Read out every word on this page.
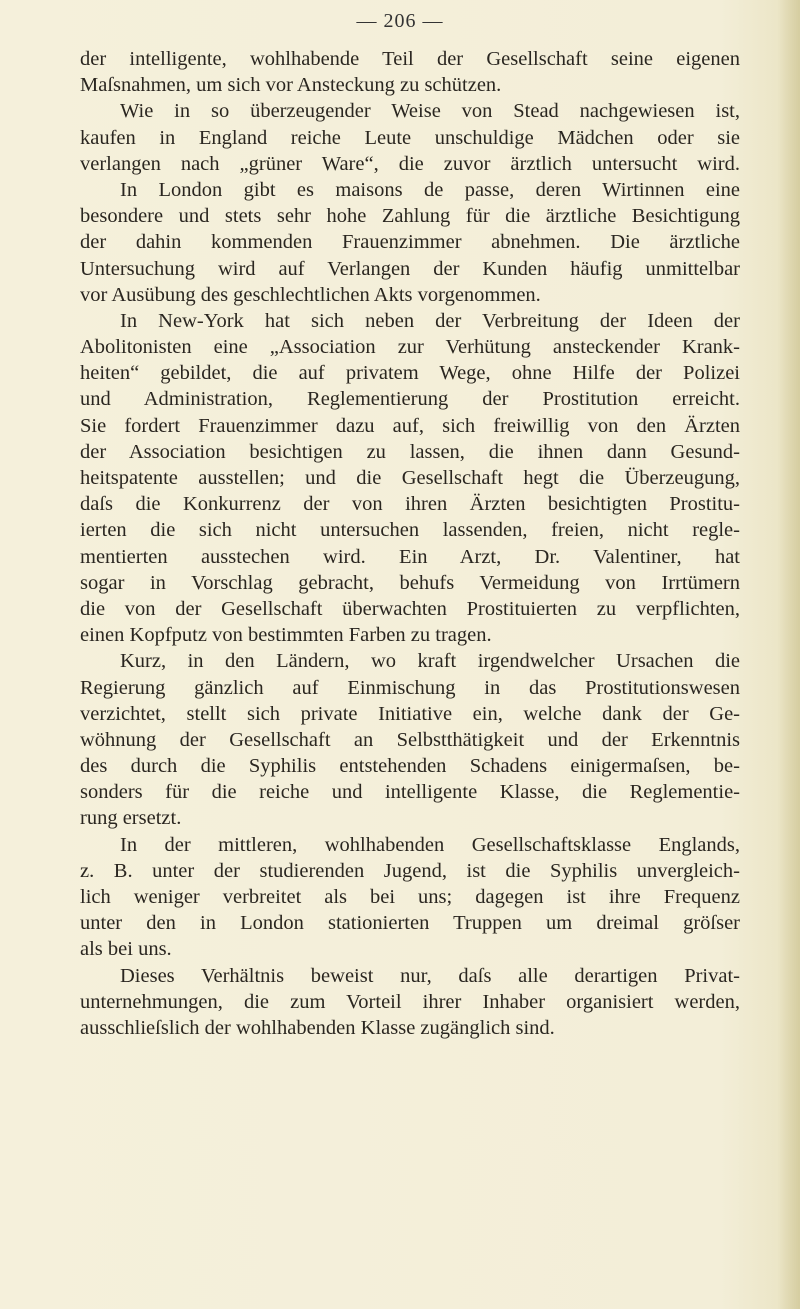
— 206 —
der intelligente, wohlhabende Teil der Gesellschaft seine eigenen
Maſsnahmen, um sich vor Ansteckung zu schützen.
Wie in so überzeugender Weise von Stead nachgewiesen ist,
kaufen in England reiche Leute unschuldige Mädchen oder sie
verlangen nach „grüner Ware“, die zuvor ärztlich untersucht wird.
In London gibt es maisons de passe, deren Wirtinnen eine
besondere und stets sehr hohe Zahlung für die ärztliche Besichtigung
der dahin kommenden Frauenzimmer abnehmen. Die ärztliche
Untersuchung wird auf Verlangen der Kunden häufig unmittelbar
vor Ausübung des geschlechtlichen Akts vorgenommen.
In New-York hat sich neben der Verbreitung der Ideen der
Abolitonisten eine „Association zur Verhütung ansteckender Krank-
heiten“ gebildet, die auf privatem Wege, ohne Hilfe der Polizei
und Administration, Reglementierung der Prostitution erreicht.
Sie fordert Frauenzimmer dazu auf, sich freiwillig von den Ärzten
der Association besichtigen zu lassen, die ihnen dann Gesund-
heitspatente ausstellen; und die Gesellschaft hegt die Überzeugung,
daſs die Konkurrenz der von ihren Ärzten besichtigten Prostitu-
ierten die sich nicht untersuchen lassenden, freien, nicht regle-
mentierten ausstechen wird. Ein Arzt, Dr. Valentiner, hat
sogar in Vorschlag gebracht, behufs Vermeidung von Irrtümern
die von der Gesellschaft überwachten Prostituierten zu verpflichten,
einen Kopfputz von bestimmten Farben zu tragen.
Kurz, in den Ländern, wo kraft irgendwelcher Ursachen die
Regierung gänzlich auf Einmischung in das Prostitutionswesen
verzichtet, stellt sich private Initiative ein, welche dank der Ge-
wöhnung der Gesellschaft an Selbstthätigkeit und der Erkenntnis
des durch die Syphilis entstehenden Schadens einigermaſsen, be-
sonders für die reiche und intelligente Klasse, die Reglementie-
rung ersetzt.
In der mittleren, wohlhabenden Gesellschaftsklasse Englands,
z. B. unter der studierenden Jugend, ist die Syphilis unvergleich-
lich weniger verbreitet als bei uns; dagegen ist ihre Frequenz
unter den in London stationierten Truppen um dreimal gröſser
als bei uns.
Dieses Verhältnis beweist nur, daſs alle derartigen Privat-
unternehmungen, die zum Vorteil ihrer Inhaber organisiert werden,
ausschlieſslich der wohlhabenden Klasse zugänglich sind.
